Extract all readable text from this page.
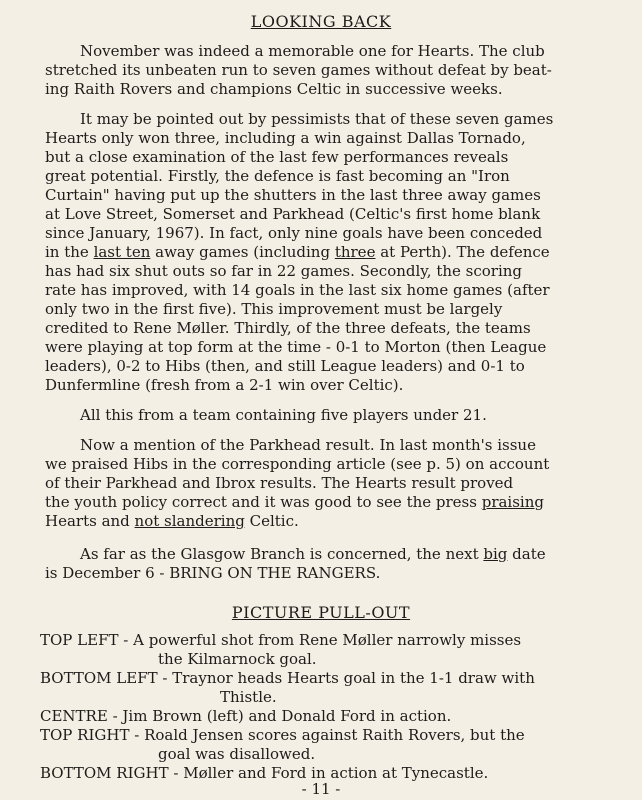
LOOKING BACK
November was indeed a memorable one for Hearts. The club
stretched its unbeaten run to seven games without defeat by beat-
ing Raith Rovers and champions Celtic in successive weeks.
It may be pointed out by pessimists that of these seven games
Hearts only won three, including a win against Dallas Tornado,
but a close examination of the last few performances reveals
great potential. Firstly, the defence is fast becoming an "Iron
Curtain" having put up the shutters in the last three away games
at Love Street, Somerset and Parkhead (Celtic's first home blank
since January, 1967). In fact, only nine goals have been conceded
in the last ten away games (including three at Perth). The defence
has had six shut outs so far in 22 games. Secondly, the scoring
rate has improved, with 14 goals in the last six home games (after
only two in the first five). This improvement must be largely
credited to Rene Møller. Thirdly, of the three defeats, the teams
were playing at top form at the time - 0-1 to Morton (then League
leaders), 0-2 to Hibs (then, and still League leaders) and 0-1 to
Dunfermline (fresh from a 2-1 win over Celtic).
All this from a team containing five players under 21.
Now a mention of the Parkhead result. In last month's issue
we praised Hibs in the corresponding article (see p. 5) on account
of their Parkhead and Ibrox results. The Hearts result proved
the youth policy correct and it was good to see the press praising
Hearts and not slandering Celtic.
As far as the Glasgow Branch is concerned, the next big date
is December 6 - BRING ON THE RANGERS.
PICTURE PULL-OUT
TOP LEFT - A powerful shot from Rene Møller narrowly misses
the Kilmarnock goal.
BOTTOM LEFT - Traynor heads Hearts goal in the 1-1 draw with
Thistle.
CENTRE - Jim Brown (left) and Donald Ford in action.
TOP RIGHT - Roald Jensen scores against Raith Rovers, but the
goal was disallowed.
BOTTOM RIGHT - Møller and Ford in action at Tynecastle.
- 11 -
